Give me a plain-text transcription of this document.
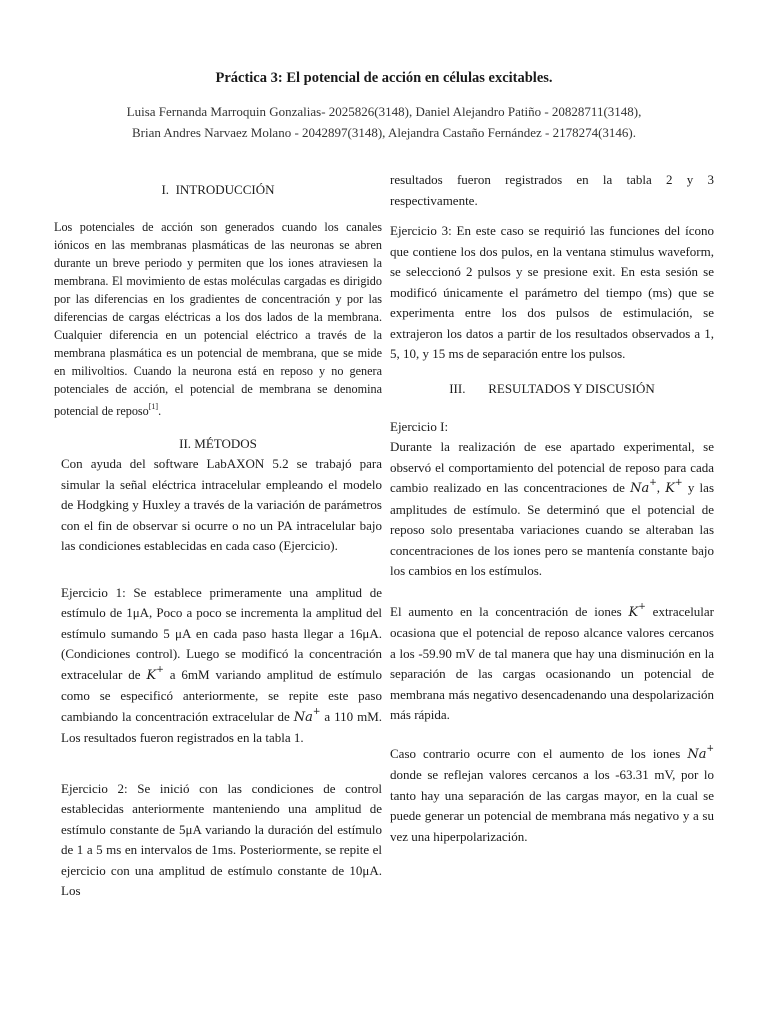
Práctica 3: El potencial de acción en células excitables.
Luisa Fernanda Marroquin Gonzalias- 2025826(3148), Daniel Alejandro Patiño - 20828711(3148),
Brian Andres Narvaez Molano - 2042897(3148), Alejandra Castaño Fernández - 2178274(3146).
I. INTRODUCCIÓN

Los potenciales de acción son generados cuando los canales iónicos en las membranas plasmáticas de las neuronas se abren durante un breve periodo y permiten que los iones atraviesen la membrana. El movimiento de estas moléculas cargadas es dirigido por las diferencias en los gradientes de concentración y por las diferencias de cargas eléctricas a los dos lados de la membrana. Cualquier diferencia en un potencial eléctrico a través de la membrana plasmática es un potencial de membrana, que se mide en milivoltios. Cuando la neurona está en reposo y no genera potenciales de acción, el potencial de membrana se denomina potencial de reposo[1].

II. MÉTODOS

Con ayuda del software LabAXON 5.2 se trabajó para simular la señal eléctrica intracelular empleando el modelo de Hodgking y Huxley a través de la variación de parámetros con el fin de observar si ocurre o no un PA intracelular bajo las condiciones establecidas en cada caso (Ejercicio).

Ejercicio 1: Se establece primeramente una amplitud de estímulo de 1μA, Poco a poco se incrementa la amplitud del estímulo sumando 5 μA en cada paso hasta llegar a 16μA. (Condiciones control). Luego se modificó la concentración extracelular de K+ a 6mM variando amplitud de estímulo como se especificó anteriormente, se repite este paso cambiando la concentración extracelular de Na+ a 110 mM. Los resultados fueron registrados en la tabla 1.

Ejercicio 2: Se inició con las condiciones de control establecidas anteriormente manteniendo una amplitud de estímulo constante de 5μA variando la duración del estímulo de 1 a 5 ms en intervalos de 1ms. Posteriormente, se repite el ejercicio con una amplitud de estímulo constante de 10μA. Los

resultados fueron registrados en la tabla 2 y 3 respectivamente.

Ejercicio 3: En este caso se requirió las funciones del ícono que contiene los dos pulos, en la ventana stimulus waveform, se seleccionó 2 pulsos y se presione exit. En esta sesión se modificó únicamente el parámetro del tiempo (ms) que se experimenta entre los dos pulsos de estimulación, se extrajeron los datos a partir de los resultados observados a 1, 5, 10, y 15 ms de separación entre los pulsos.

III. RESULTADOS Y DISCUSIÓN

Ejercicio I:

Durante la realización de ese apartado experimental, se observó el comportamiento del potencial de reposo para cada cambio realizado en las concentraciones de Na+, K+ y las amplitudes de estímulo. Se determinó que el potencial de reposo solo presentaba variaciones cuando se alteraban las concentraciones de los iones pero se mantenía constante bajo los cambios en los estímulos.

El aumento en la concentración de iones K+ extracelular ocasiona que el potencial de reposo alcance valores cercanos a los -59.90 mV de tal manera que hay una disminución en la separación de las cargas ocasionando un potencial de membrana más negativo desencadenando una despolarización más rápida.

Caso contrario ocurre con el aumento de los iones Na+ donde se reflejan valores cercanos a los -63.31 mV, por lo tanto hay una separación de las cargas mayor, en la cual se puede generar un potencial de membrana más negativo y a su vez una hiperpolarización.
